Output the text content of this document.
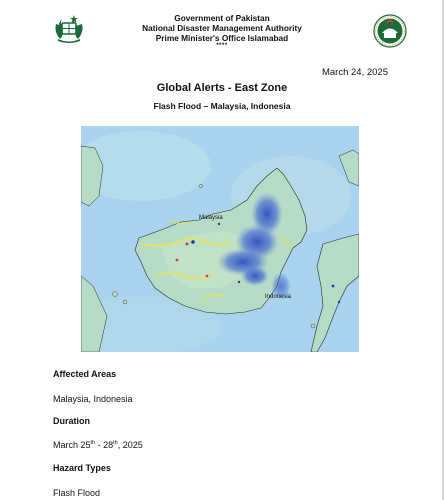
Government of Pakistan
National Disaster Management Authority
Prime Minister's Office Islamabad
****
March 24, 2025
Global Alerts - East Zone
Flash Flood – Malaysia, Indonesia
Malaysia
Indonesia
Affected Areas
Malaysia, Indonesia
Duration
March 25th - 28th, 2025
Hazard Types
Flash Flood
